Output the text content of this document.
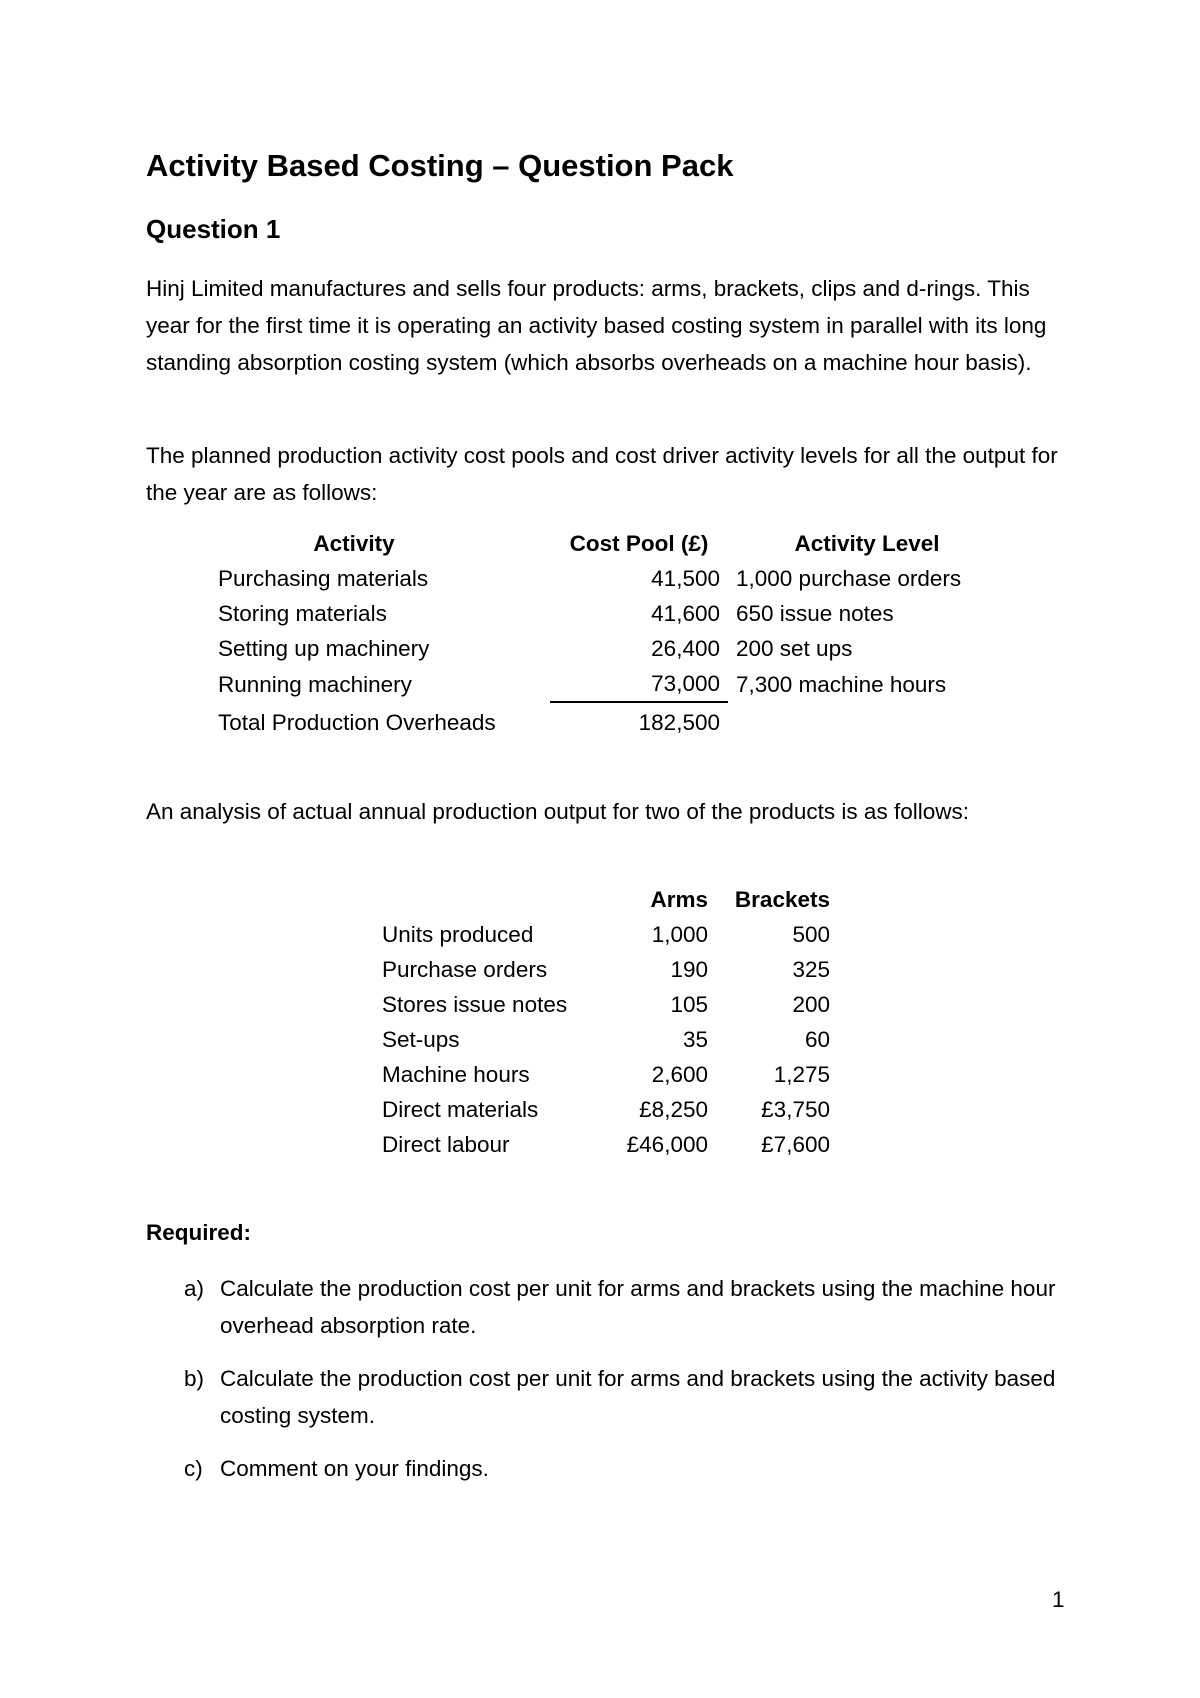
Activity Based Costing – Question Pack
Question 1
Hinj Limited manufactures and sells four products: arms, brackets, clips and d-rings. This year for the first time it is operating an activity based costing system in parallel with its long standing absorption costing system (which absorbs overheads on a machine hour basis).
The planned production activity cost pools and cost driver activity levels for all the output for the year are as follows:
Activity	Cost Pool (£)	Activity Level
Purchasing materials	41,500	1,000 purchase orders
Storing materials	41,600	650 issue notes
Setting up machinery	26,400	200 set ups
Running machinery	73,000	7,300 machine hours
Total Production Overheads	182,500	
An analysis of actual annual production output for two of the products is as follows:
	Arms	Brackets
Units produced	1,000	500
Purchase orders	190	325
Stores issue notes	105	200
Set-ups	35	60
Machine hours	2,600	1,275
Direct materials	£8,250	£3,750
Direct labour	£46,000	£7,600
Required:
a) Calculate the production cost per unit for arms and brackets using the machine hour overhead absorption rate.
b) Calculate the production cost per unit for arms and brackets using the activity based costing system.
c) Comment on your findings.
1
